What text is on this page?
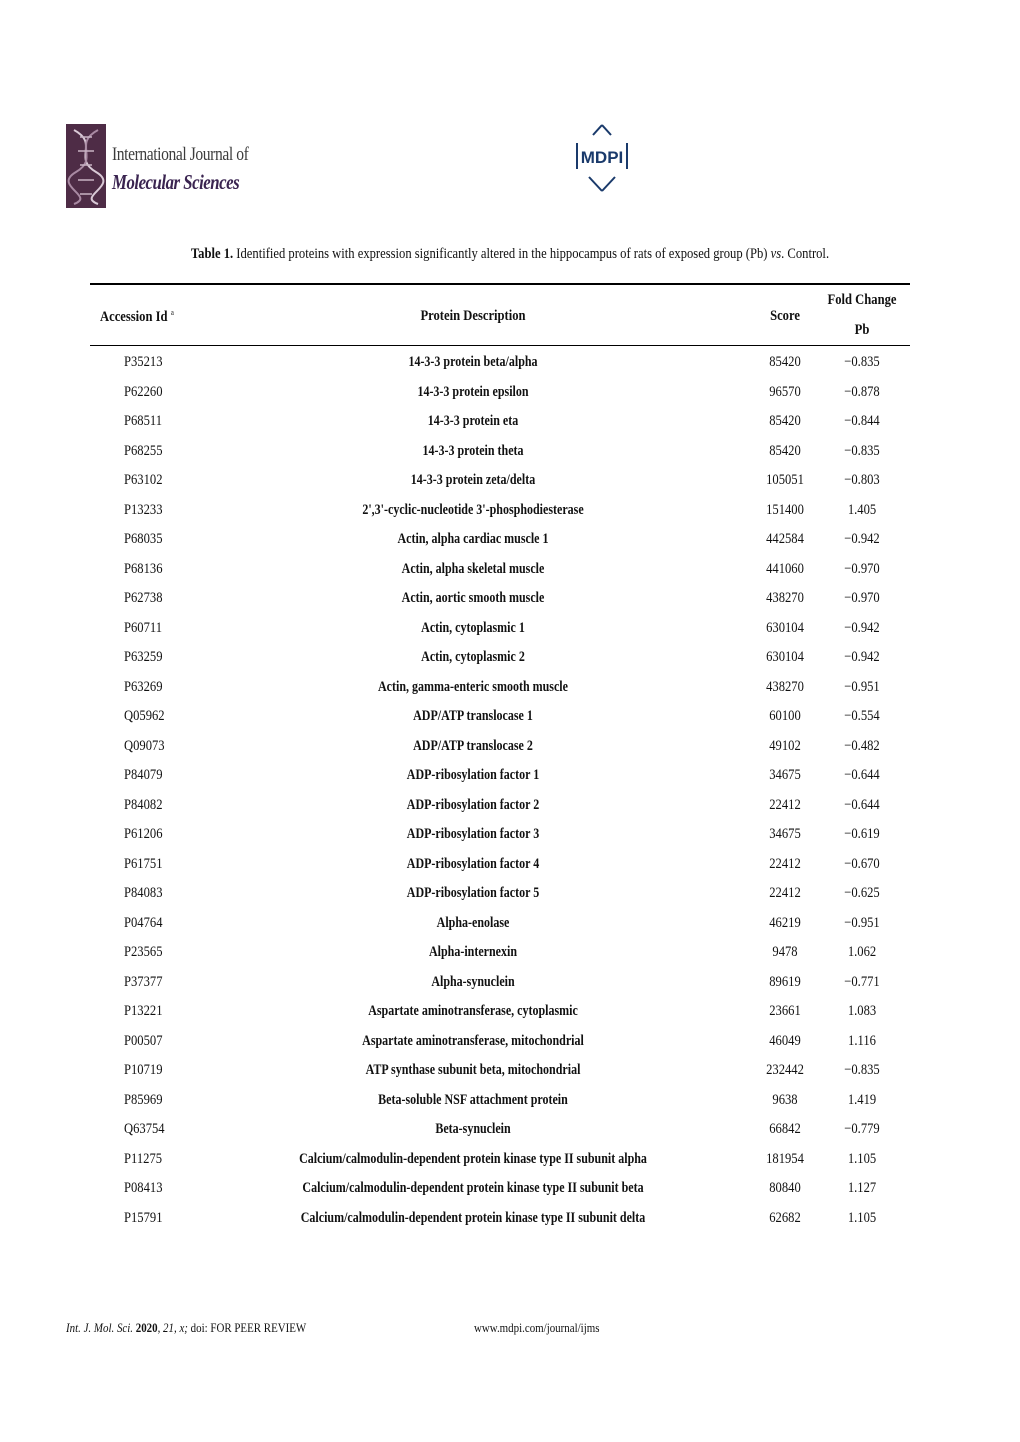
International Journal of
Molecular Sciences
MDPI
Table 1. Identified proteins with expression significantly altered in the hippocampus of rats of exposed group (Pb) vs. Control.
Accession Id $^a$	Protein Description	Score
Fold Change
Pb
P35213	14-3-3 protein beta/alpha	85420	−0.835
P62260	14-3-3 protein epsilon	96570	−0.878
P68511	14-3-3 protein eta	85420	−0.844
P68255	14-3-3 protein theta	85420	−0.835
P63102	14-3-3 protein zeta/delta	105051	−0.803
P13233	2',3'-cyclic-nucleotide 3'-phosphodiesterase	151400	1.405
P68035	Actin, alpha cardiac muscle 1	442584	−0.942
P68136	Actin, alpha skeletal muscle	441060	−0.970
P62738	Actin, aortic smooth muscle	438270	−0.970
P60711	Actin, cytoplasmic 1	630104	−0.942
P63259	Actin, cytoplasmic 2	630104	−0.942
P63269	Actin, gamma-enteric smooth muscle	438270	−0.951
Q05962	ADP/ATP translocase 1	60100	−0.554
Q09073	ADP/ATP translocase 2	49102	−0.482
P84079	ADP-ribosylation factor 1	34675	−0.644
P84082	ADP-ribosylation factor 2	22412	−0.644
P61206	ADP-ribosylation factor 3	34675	−0.619
P61751	ADP-ribosylation factor 4	22412	−0.670
P84083	ADP-ribosylation factor 5	22412	−0.625
P04764	Alpha-enolase	46219	−0.951
P23565	Alpha-internexin	9478	1.062
P37377	Alpha-synuclein	89619	−0.771
P13221	Aspartate aminotransferase, cytoplasmic	23661	1.083
P00507	Aspartate aminotransferase, mitochondrial	46049	1.116
P10719	ATP synthase subunit beta, mitochondrial	232442	−0.835
P85969	Beta-soluble NSF attachment protein	9638	1.419
Q63754	Beta-synuclein	66842	−0.779
P11275	Calcium/calmodulin-dependent protein kinase type II subunit alpha	181954	1.105
P08413	Calcium/calmodulin-dependent protein kinase type II subunit beta	80840	1.127
P15791	Calcium/calmodulin-dependent protein kinase type II subunit delta	62682	1.105
Int. J. Mol. Sci. 2020, 21, x; doi: FOR PEER REVIEW	www.mdpi.com/journal/ijms
